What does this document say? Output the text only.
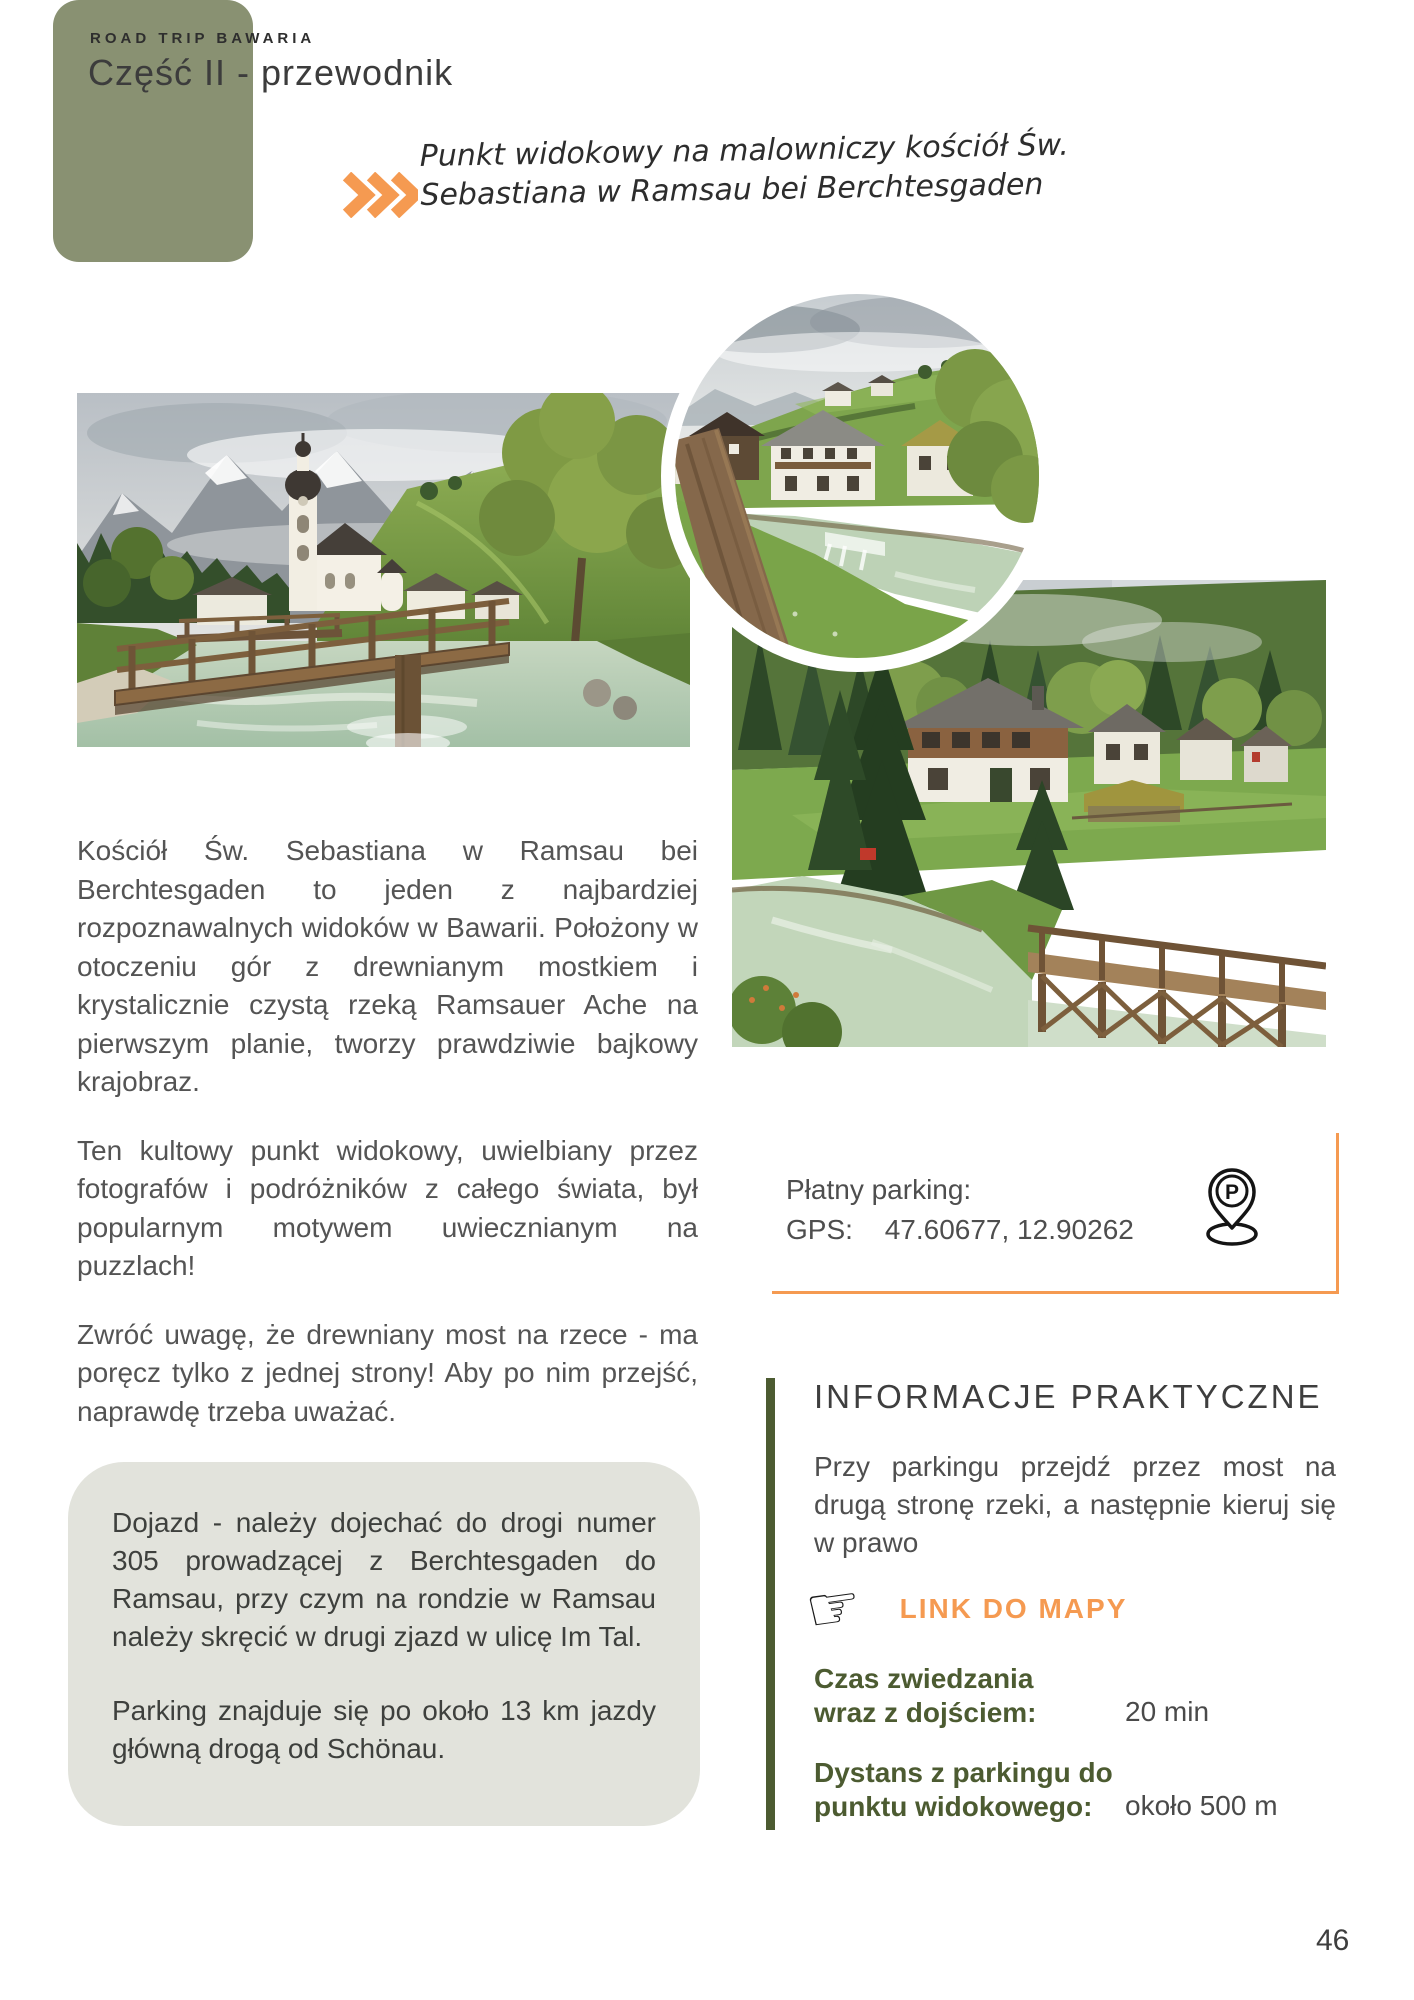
ROAD TRIP BAWARIA
Część II - przewodnik
Punkt widokowy na malowniczy kościół Św.
Sebastiana w Ramsau bei Berchtesgaden

Kościół Św. Sebastiana w Ramsau bei Berchtesgaden to jeden z najbardziej rozpoznawalnych widoków w Bawarii. Położony w otoczeniu gór z drewnianym mostkiem i krystalicznie czystą rzeką Ramsauer Ache na pierwszym planie, tworzy prawdziwie bajkowy krajobraz.

Ten kultowy punkt widokowy, uwielbiany przez fotografów i podróżników z całego świata, był popularnym motywem uwiecznianym na puzzlach!

Zwróć uwagę, że drewniany most na rzece - ma poręcz tylko z jednej strony! Aby po nim przejść, naprawdę trzeba uważać.

Dojazd - należy dojechać do drogi numer 305 prowadzącej z Berchtesgaden do Ramsau, przy czym na rondzie w Ramsau należy skręcić w drugi zjazd w ulicę Im Tal.

Parking znajduje się po około 13 km jazdy główną drogą od Schönau.

Płatny parking:
GPS: 47.60677, 12.90262
P
INFORMACJE PRAKTYCZNE
Przy parkingu przejdź przez most na drugą stronę rzeki, a następnie kieruj się w prawo
☞ LINK DO MAPY
Czas zwiedzania
wraz z dojściem:	20 min
Dystans z parkingu do
punktu widokowego:	około 500 m
46
